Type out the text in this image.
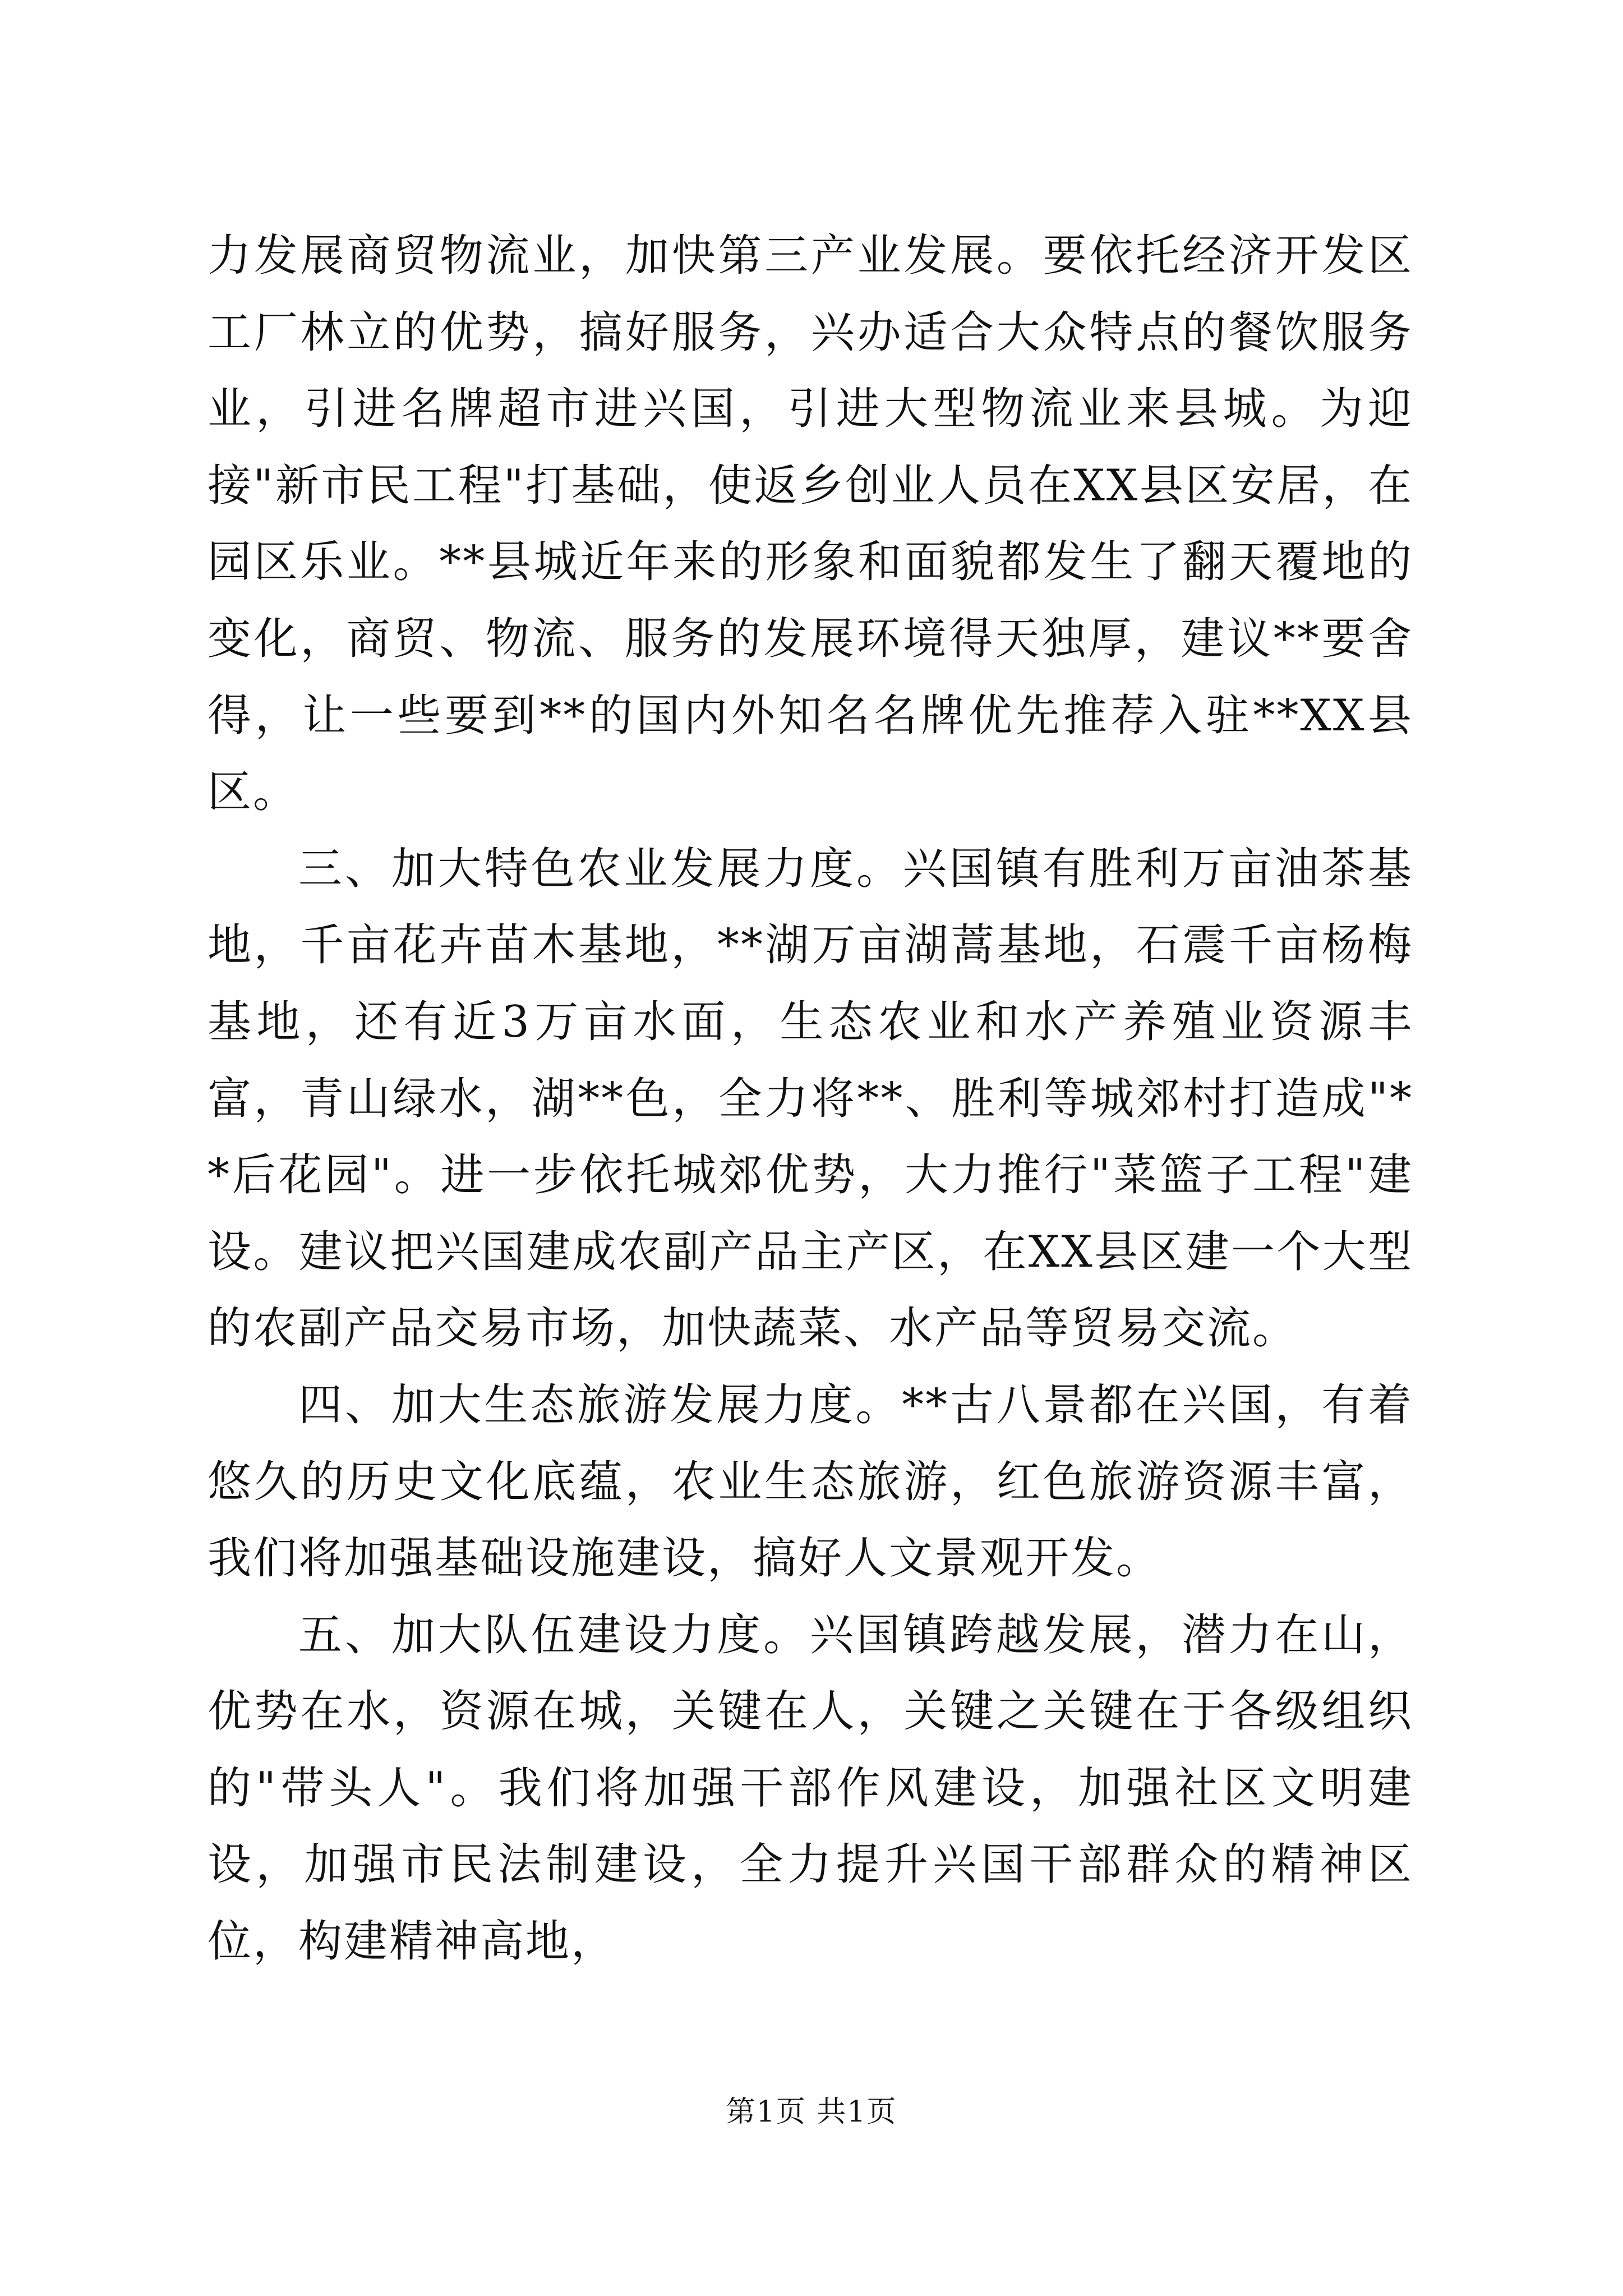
力发展商贸物流业，加快第三产业发展。要依托经济开发区工厂林立的优势，搞好服务，兴办适合大众特点的餐饮服务业，引进名牌超市进兴国，引进大型物流业来县城。为迎接"新市民工程"打基础，使返乡创业人员在XX县区安居，在园区乐业。**县城近年来的形象和面貌都发生了翻天覆地的变化，商贸、物流、服务的发展环境得天独厚，建议**要舍得，让一些要到**的国内外知名名牌优先推荐入驻**XX县区。

三、加大特色农业发展力度。兴国镇有胜利万亩油茶基地，千亩花卉苗木基地，**湖万亩湖蒿基地，石震千亩杨梅基地，还有近3万亩水面，生态农业和水产养殖业资源丰富，青山绿水，湖**色，全力将**、胜利等城郊村打造成"**后花园"。进一步依托城郊优势，大力推行"菜篮子工程"建设。建议把兴国建成农副产品主产区，在XX县区建一个大型的农副产品交易市场，加快蔬菜、水产品等贸易交流。

四、加大生态旅游发展力度。**古八景都在兴国，有着悠久的历史文化底蕴，农业生态旅游，红色旅游资源丰富，我们将加强基础设施建设，搞好人文景观开发。

五、加大队伍建设力度。兴国镇跨越发展，潜力在山，优势在水，资源在城，关键在人，关键之关键在于各级组织的"带头人"。我们将加强干部作风建设，加强社区文明建设，加强市民法制建设，全力提升兴国干部群众的精神区位，构建精神高地，

第1页 共1页
